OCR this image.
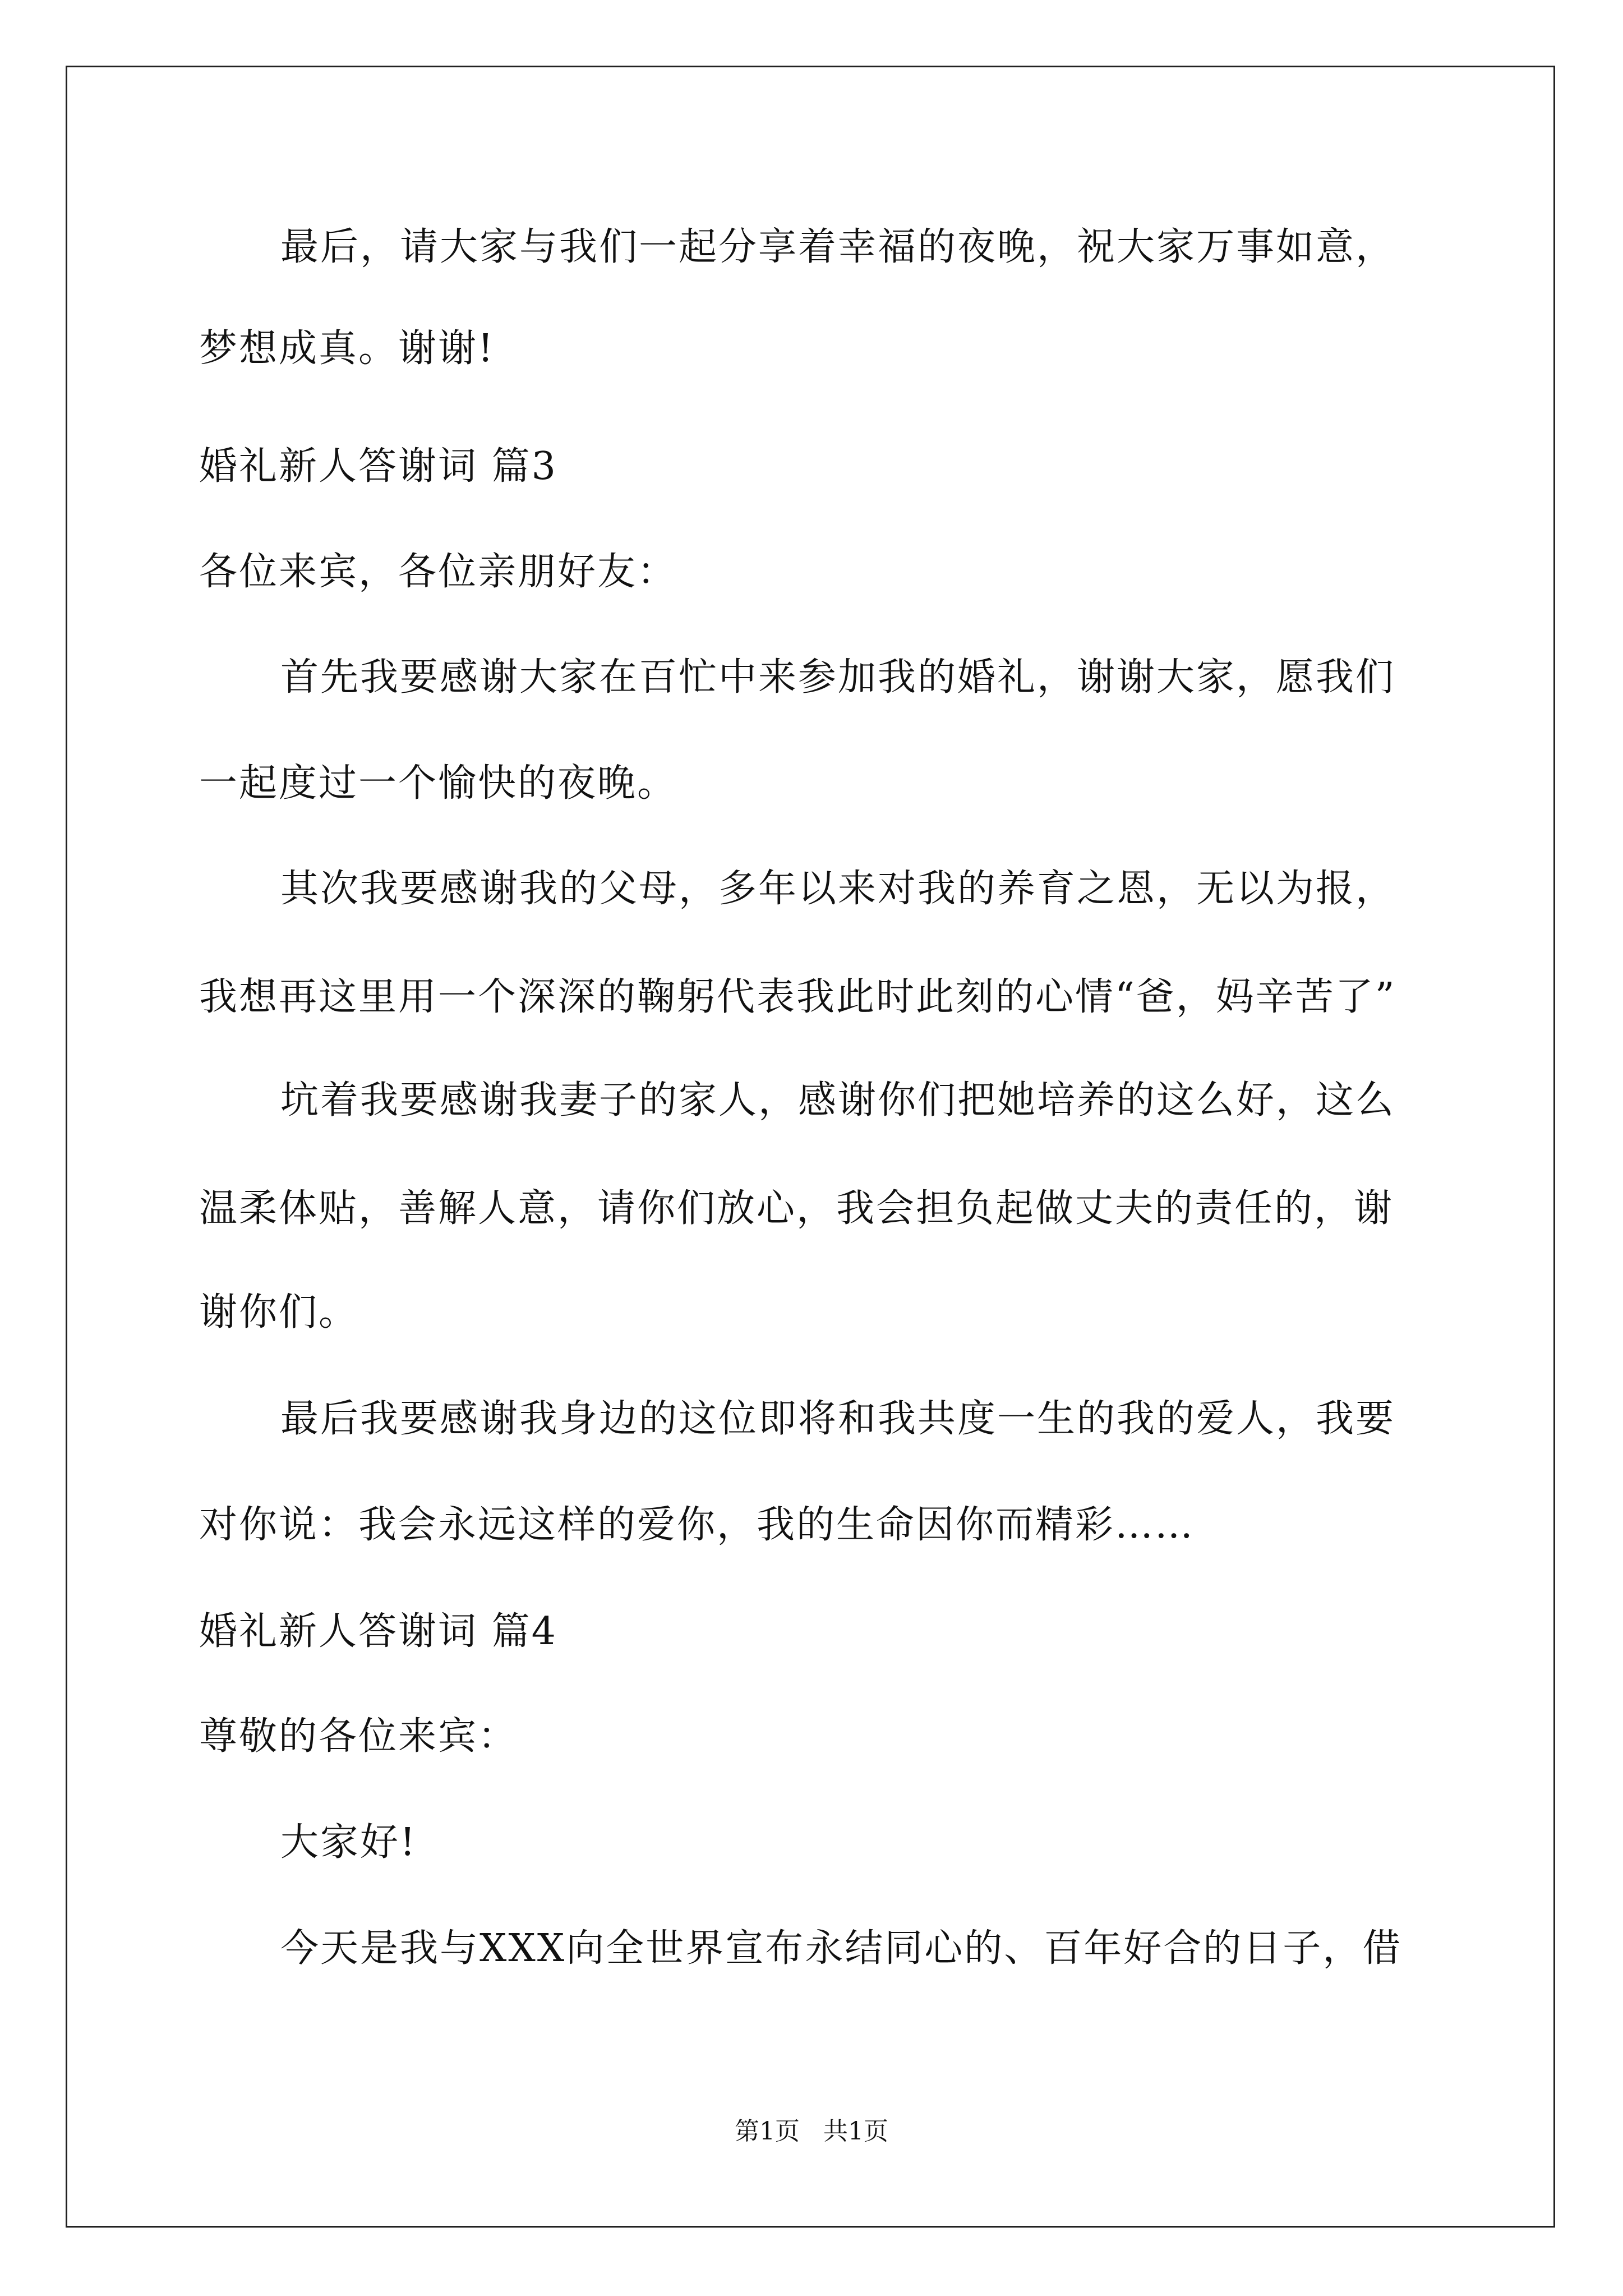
最后，请大家与我们一起分享着幸福的夜晚，祝大家万事如意，
梦想成真。谢谢!
婚礼新人答谢词 篇3
各位来宾，各位亲朋好友：
首先我要感谢大家在百忙中来参加我的婚礼，谢谢大家，愿我们
一起度过一个愉快的夜晚。
其次我要感谢我的父母，多年以来对我的养育之恩，无以为报，
我想再这里用一个深深的鞠躬代表我此时此刻的心情“爸，妈辛苦了”
坑着我要感谢我妻子的家人，感谢你们把她培养的这么好，这么
温柔体贴，善解人意，请你们放心，我会担负起做丈夫的责任的，谢
谢你们。
最后我要感谢我身边的这位即将和我共度一生的我的爱人，我要
对你说：我会永远这样的爱你，我的生命因你而精彩……
婚礼新人答谢词 篇4
尊敬的各位来宾：
大家好!
今天是我与XXX向全世界宣布永结同心的、百年好合的日子，借
第1页   共1页
